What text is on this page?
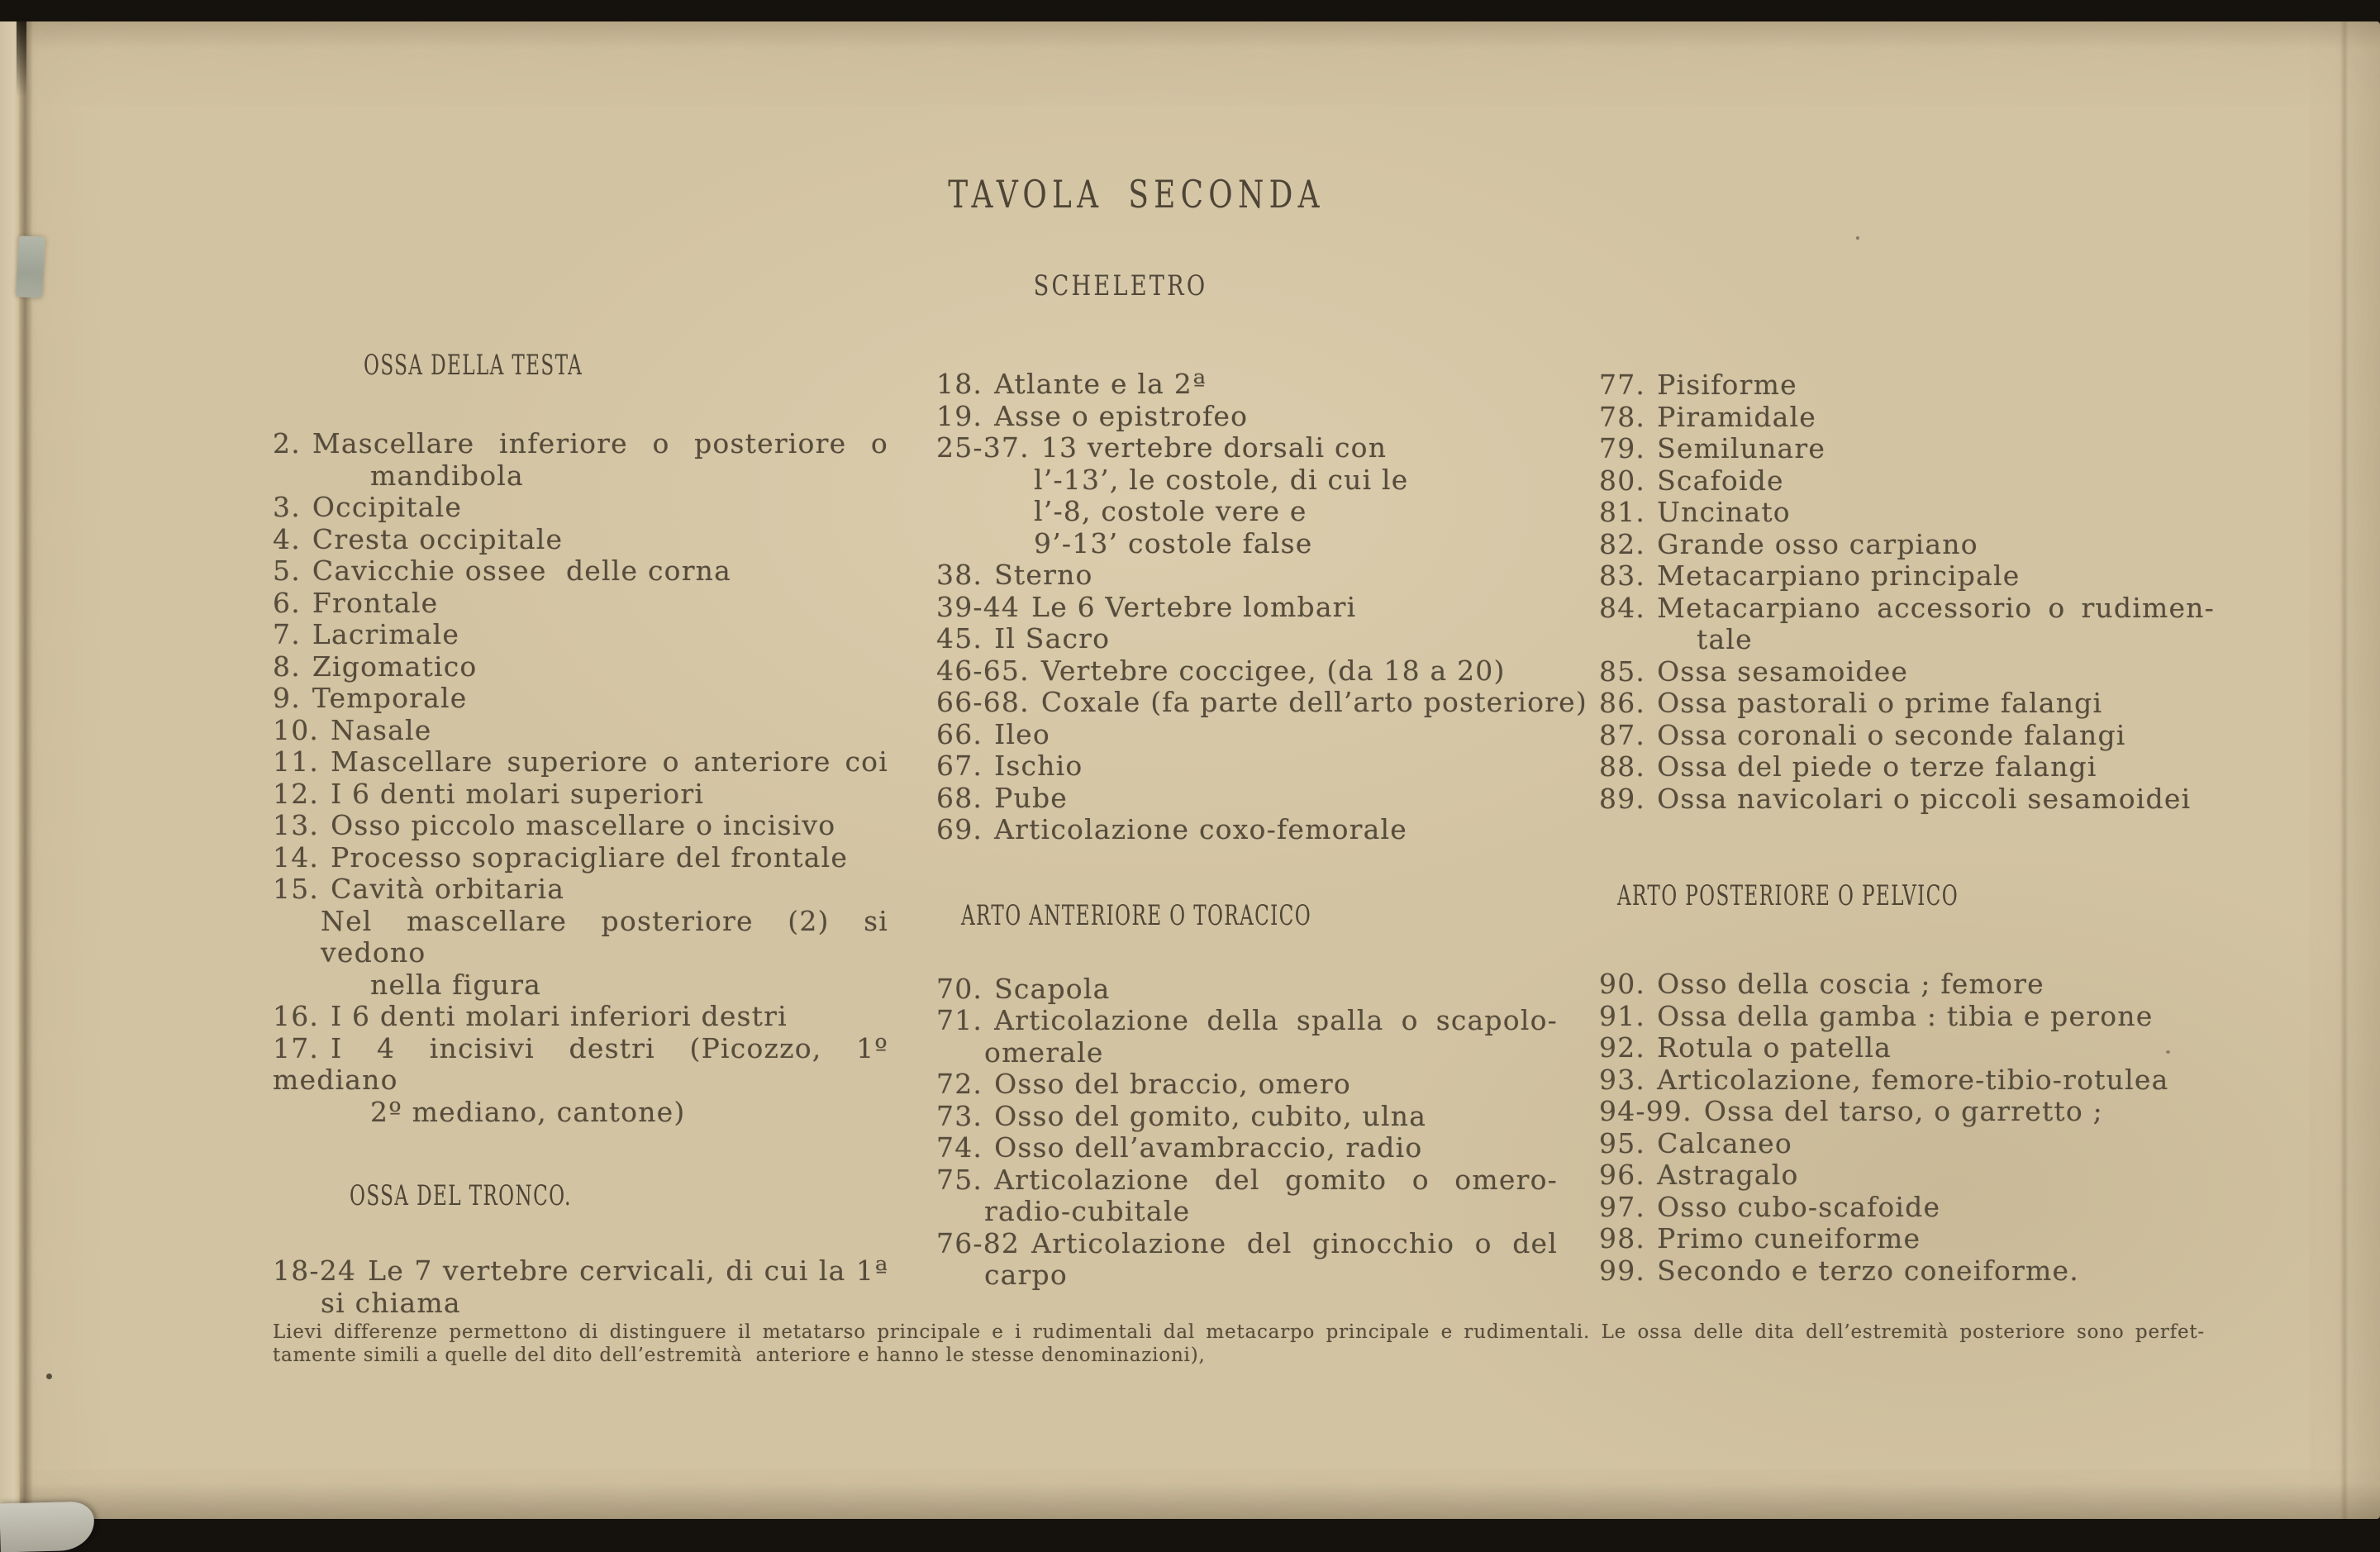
TAVOLA SECONDA
SCHELETRO
OSSA DELLA TESTA
2. Mascellare inferiore o posteriore o
mandibola
3. Occipitale
4. Cresta occipitale
5. Cavicchie ossee  delle corna
6. Frontale
7. Lacrimale
8. Zigomatico
9. Temporale
10. Nasale
11. Mascellare superiore o anteriore coi
12. I 6 denti molari superiori
13. Osso piccolo mascellare o incisivo
14. Processo sopracigliare del frontale
15. Cavità orbitaria
Nel mascellare posteriore (2) si vedono
nella figura
16. I 6 denti molari inferiori destri
17. I 4 incisivi destri (Picozzo, 1º mediano
2º mediano, cantone)
OSSA DEL TRONCO.
18-24 Le 7 vertebre cervicali, di cui la 1ª
si chiama
18. Atlante e la 2ª
19. Asse o epistrofeo
25-37. 13 vertebre dorsali con
l’-13’, le costole, di cui le
l’-8, costole vere e
9’-13’ costole false
38. Sterno
39-44 Le 6 Vertebre lombari
45. Il Sacro
46-65. Vertebre coccigee, (da 18 a 20)
66-68. Coxale (fa parte dell’arto posteriore)
66. Ileo
67. Ischio
68. Pube
69. Articolazione coxo-femorale
ARTO ANTERIORE O TORACICO
70. Scapola
71. Articolazione della spalla o scapolo-
omerale
72. Osso del braccio, omero
73. Osso del gomito, cubito, ulna
74. Osso dell’avambraccio, radio
75. Articolazione del gomito o omero-
radio-cubitale
76-82 Articolazione del ginocchio o del
carpo
77. Pisiforme
78. Piramidale
79. Semilunare
80. Scafoide
81. Uncinato
82. Grande osso carpiano
83. Metacarpiano principale
84. Metacarpiano accessorio o rudimen-
tale
85. Ossa sesamoidee
86. Ossa pastorali o prime falangi
87. Ossa coronali o seconde falangi
88. Ossa del piede o terze falangi
89. Ossa navicolari o piccoli sesamoidei
ARTO POSTERIORE O PELVICO
90. Osso della coscia ; femore
91. Ossa della gamba : tibia e perone
92. Rotula o patella
93. Articolazione, femore-tibio-rotulea
94-99. Ossa del tarso, o garretto ;
95. Calcaneo
96. Astragalo
97. Osso cubo-scafoide
98. Primo cuneiforme
99. Secondo e terzo coneiforme.
Lievi differenze permettono di distinguere il metatarso principale e i rudimentali dal metacarpo principale e rudimentali. Le ossa delle dita dell’estremità posteriore sono perfet-
tamente simili a quelle del dito dell’estremità  anteriore e hanno le stesse denominazioni),
